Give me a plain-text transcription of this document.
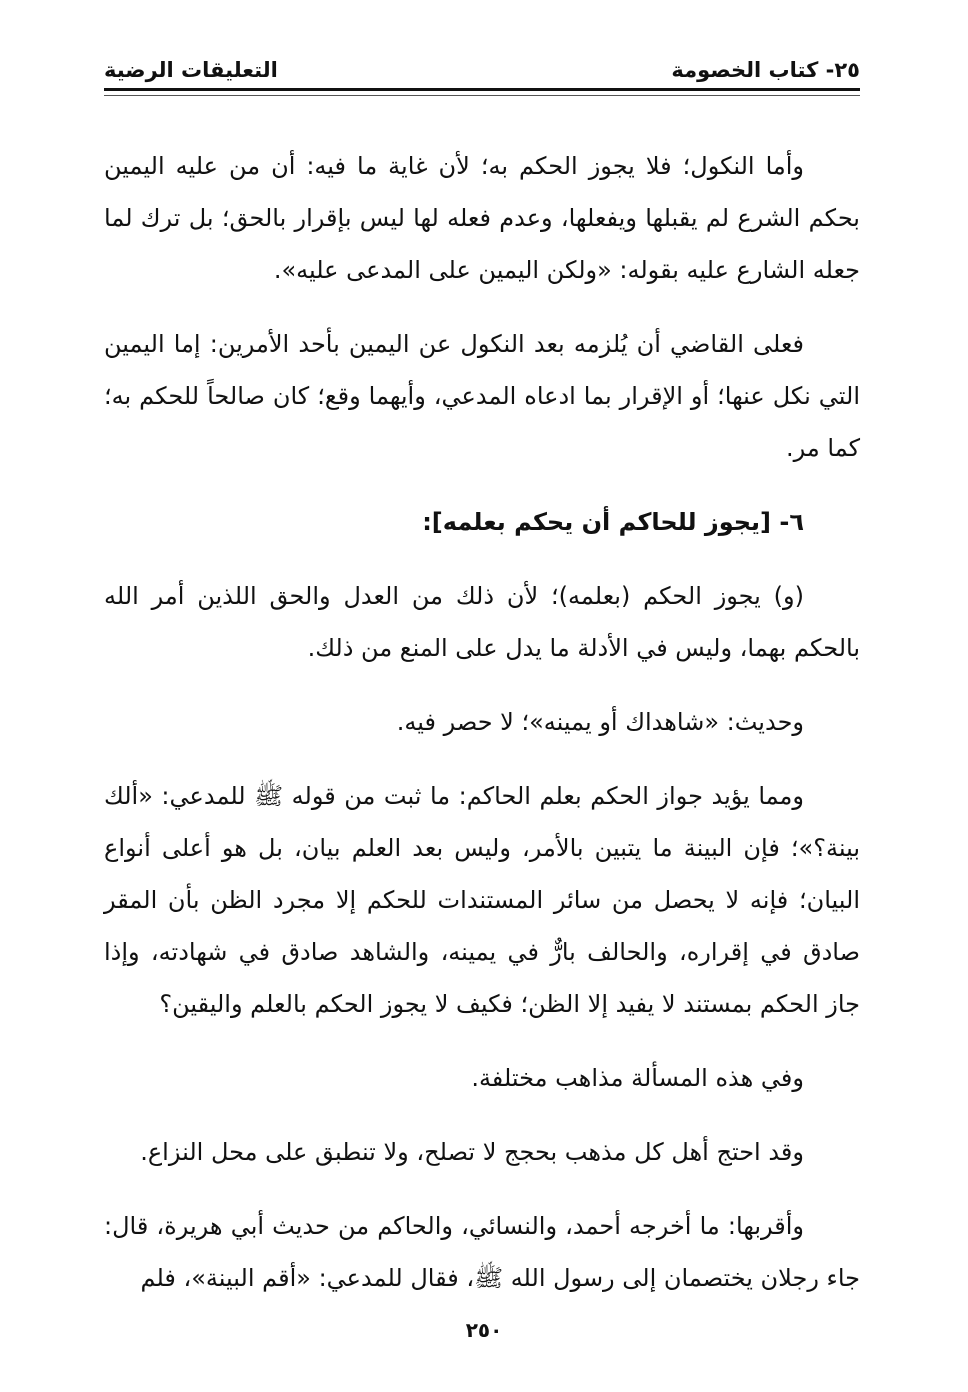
٢٥- كتاب الخصومة
التعليقات الرضية

وأما النكول؛ فلا يجوز الحكم به؛ لأن غاية ما فيه: أن من عليه اليمين بحكم الشرع لم يقبلها ويفعلها، وعدم فعله لها ليس بإقرار بالحق؛ بل ترك لما جعله الشارع عليه بقوله: «ولكن اليمين على المدعى عليه».

فعلى القاضي أن يُلزمه بعد النكول عن اليمين بأحد الأمرين: إما اليمين التي نكل عنها؛ أو الإقرار بما ادعاه المدعي، وأيهما وقع؛ كان صالحاً للحكم به؛ كما مر.

٦- [يجوز للحاكم أن يحكم بعلمه]:

(و) يجوز الحكم (بعلمه)؛ لأن ذلك من العدل والحق اللذين أمر الله بالحكم بهما، وليس في الأدلة ما يدل على المنع من ذلك.

وحديث: «شاهداك أو يمينه»؛ لا حصر فيه.

ومما يؤيد جواز الحكم بعلم الحاكم: ما ثبت من قوله ﷺ للمدعي: «ألك بينة؟»؛ فإن البينة ما يتبين بالأمر، وليس بعد العلم بيان، بل هو أعلى أنواع البيان؛ فإنه لا يحصل من سائر المستندات للحكم إلا مجرد الظن بأن المقر صادق في إقراره، والحالف بارٌّ في يمينه، والشاهد صادق في شهادته، وإذا جاز الحكم بمستند لا يفيد إلا الظن؛ فكيف لا يجوز الحكم بالعلم واليقين؟

وفي هذه المسألة مذاهب مختلفة.

وقد احتج أهل كل مذهب بحجج لا تصلح، ولا تنطبق على محل النزاع.

وأقربها: ما أخرجه أحمد، والنسائي، والحاكم من حديث أبي هريرة، قال: جاء رجلان يختصمان إلى رسول الله ﷺ، فقال للمدعي: «أقم البينة»، فلم

٢٥٠
